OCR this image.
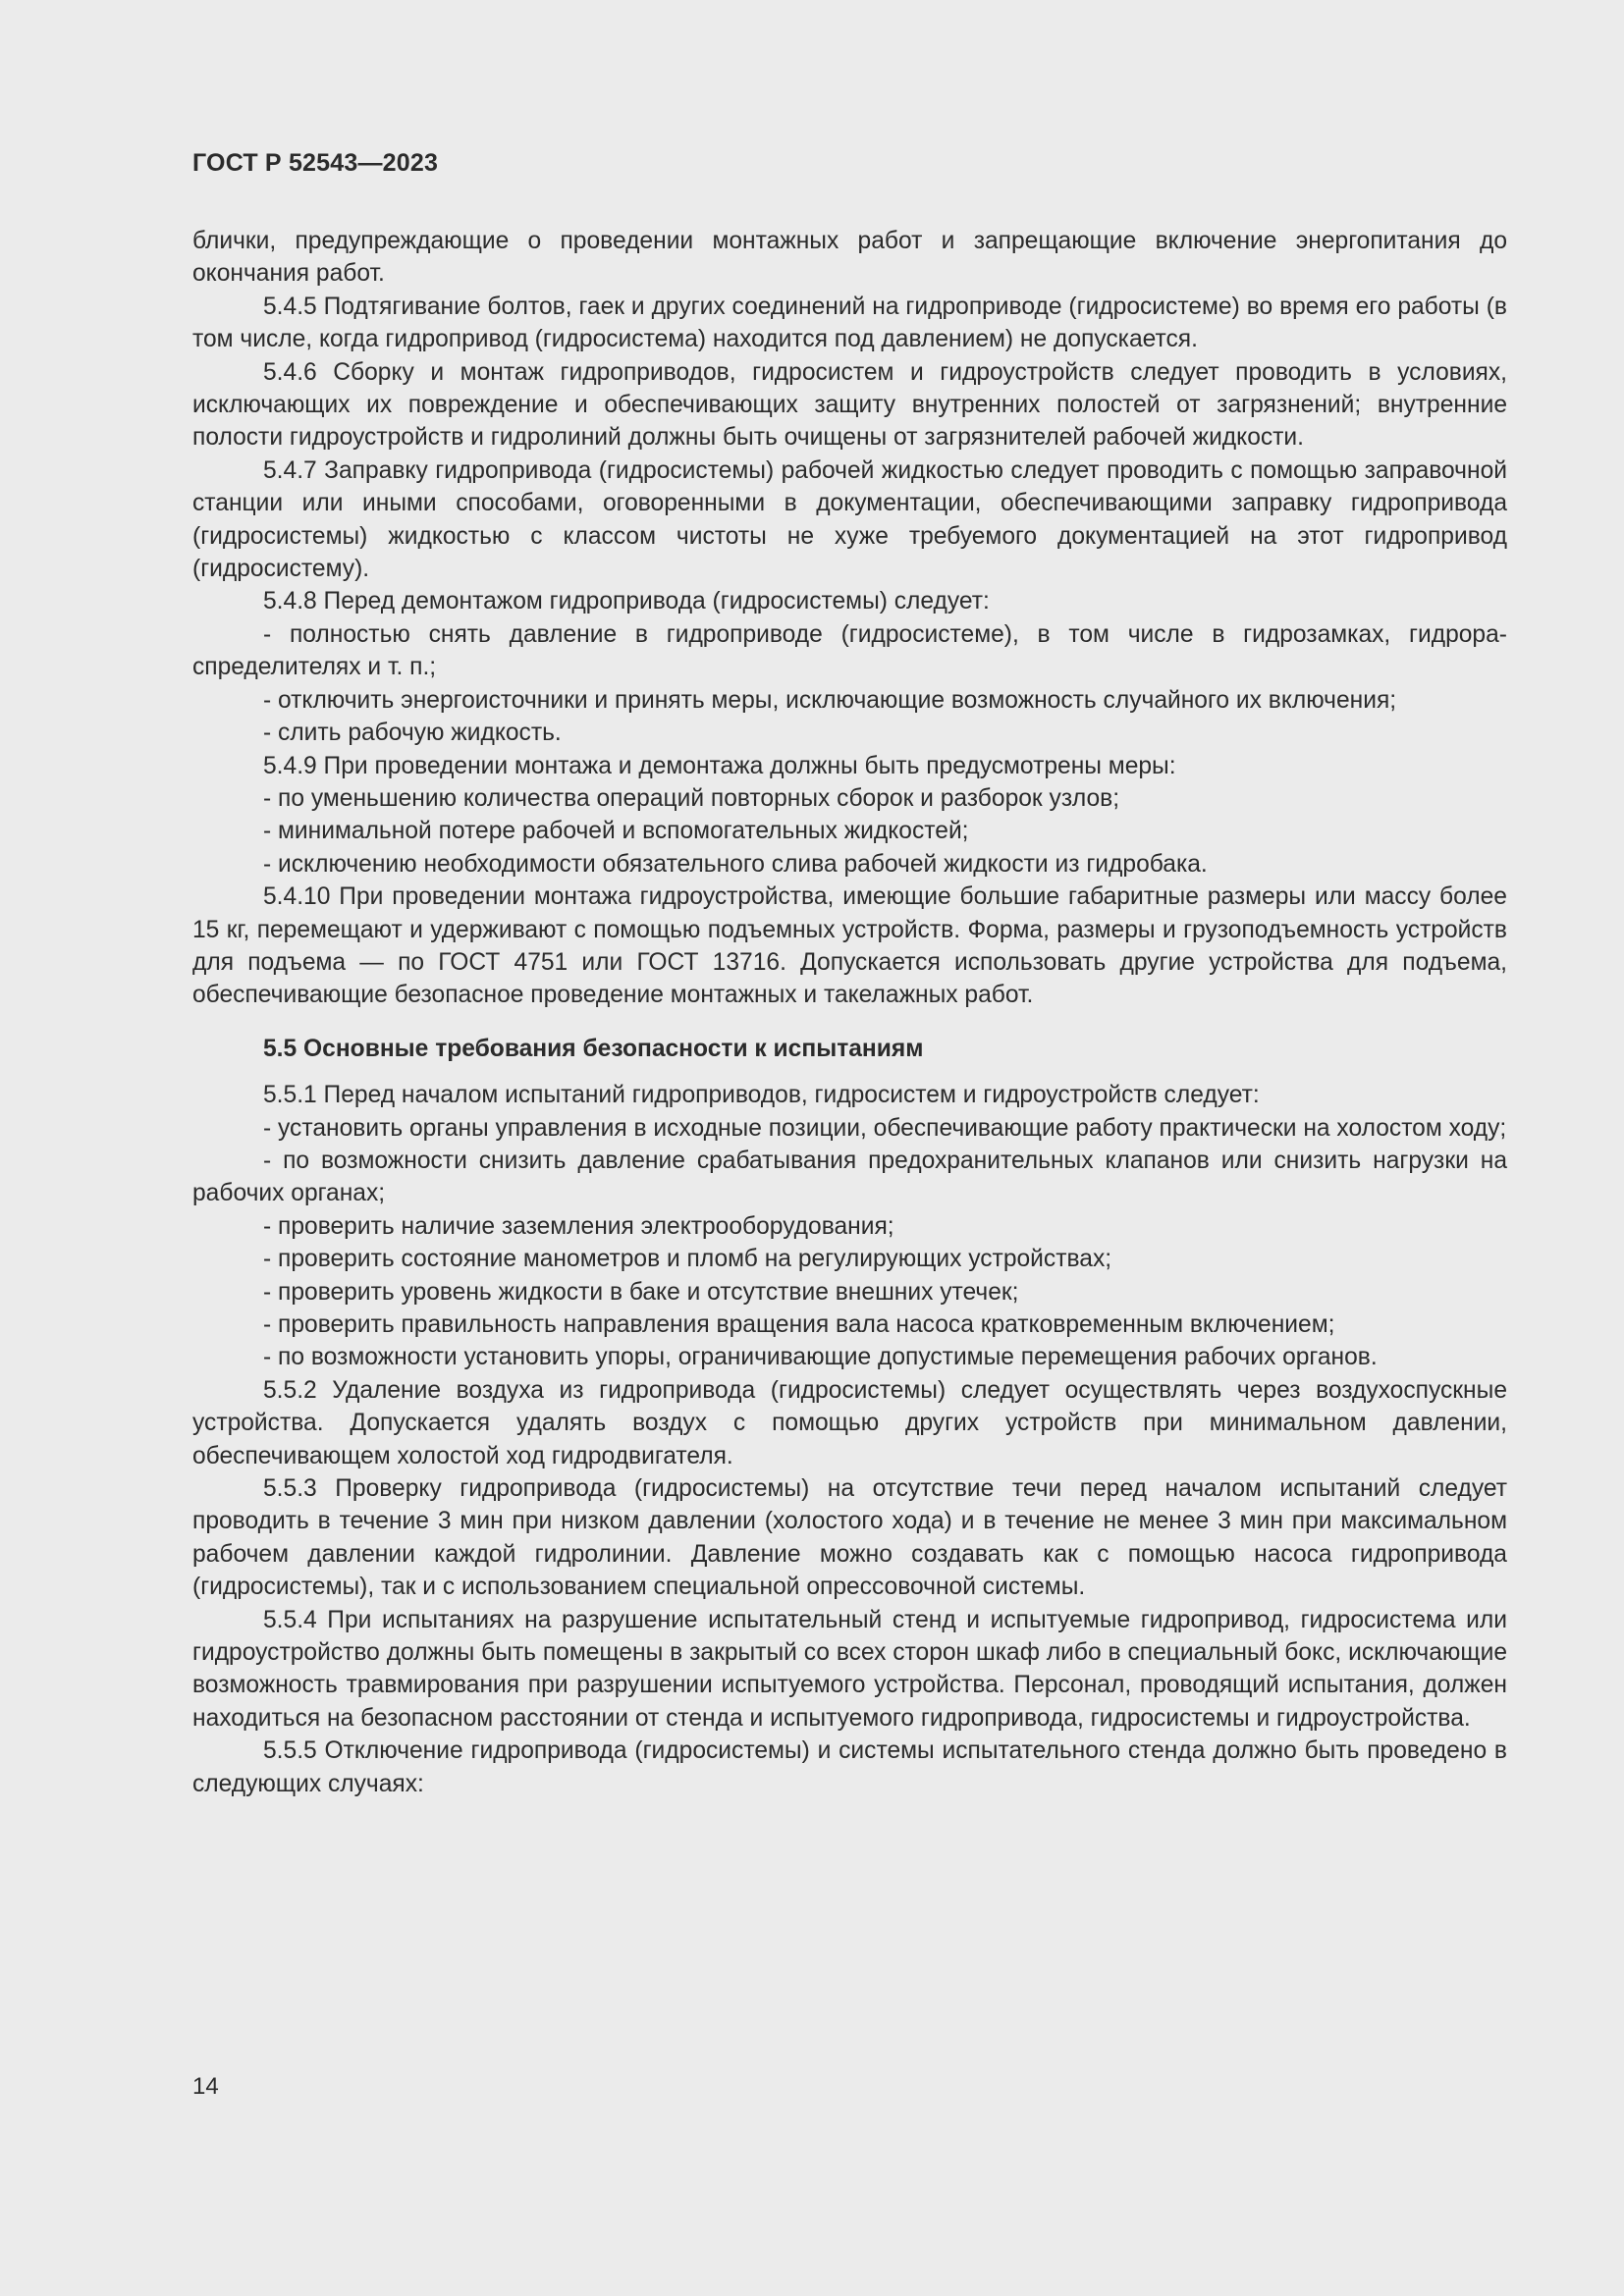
ГОСТ Р 52543—2023

блички, предупреждающие о проведении монтажных работ и запрещающие включение энергопитания до окончания работ.

5.4.5 Подтягивание болтов, гаек и других соединений на гидроприводе (гидросистеме) во время его работы (в том числе, когда гидропривод (гидросистема) находится под давлением) не допускается.

5.4.6 Сборку и монтаж гидроприводов, гидросистем и гидроустройств следует проводить в условиях, исключающих их повреждение и обеспечивающих защиту внутренних полостей от загрязнений; внутренние полости гидроустройств и гидролиний должны быть очищены от загрязнителей рабочей жидкости.

5.4.7 Заправку гидропривода (гидросистемы) рабочей жидкостью следует проводить с помощью заправочной станции или иными способами, оговоренными в документации, обеспечивающими заправку гидропривода (гидросистемы) жидкостью с классом чистоты не хуже требуемого документацией на этот гидропривод (гидросистему).

5.4.8 Перед демонтажом гидропривода (гидросистемы) следует:

- полностью снять давление в гидроприводе (гидросистеме), в том числе в гидрозамках, гидрораспределителях и т. п.;

- отключить энергоисточники и принять меры, исключающие возможность случайного их включения;

- слить рабочую жидкость.

5.4.9 При проведении монтажа и демонтажа должны быть предусмотрены меры:

- по уменьшению количества операций повторных сборок и разборок узлов;

- минимальной потере рабочей и вспомогательных жидкостей;

- исключению необходимости обязательного слива рабочей жидкости из гидробака.

5.4.10 При проведении монтажа гидроустройства, имеющие большие габаритные размеры или массу более 15 кг, перемещают и удерживают с помощью подъемных устройств. Форма, размеры и грузоподъемность устройств для подъема — по ГОСТ 4751 или ГОСТ 13716. Допускается использовать другие устройства для подъема, обеспечивающие безопасное проведение монтажных и такелажных работ.

5.5 Основные требования безопасности к испытаниям

5.5.1 Перед началом испытаний гидроприводов, гидросистем и гидроустройств следует:

- установить органы управления в исходные позиции, обеспечивающие работу практически на холостом ходу;

- по возможности снизить давление срабатывания предохранительных клапанов или снизить нагрузки на рабочих органах;

- проверить наличие заземления электрооборудования;

- проверить состояние манометров и пломб на регулирующих устройствах;

- проверить уровень жидкости в баке и отсутствие внешних утечек;

- проверить правильность направления вращения вала насоса кратковременным включением;

- по возможности установить упоры, ограничивающие допустимые перемещения рабочих органов.

5.5.2 Удаление воздуха из гидропривода (гидросистемы) следует осуществлять через воздухоспускные устройства. Допускается удалять воздух с помощью других устройств при минимальном давлении, обеспечивающем холостой ход гидродвигателя.

5.5.3 Проверку гидропривода (гидросистемы) на отсутствие течи перед началом испытаний следует проводить в течение 3 мин при низком давлении (холостого хода) и в течение не менее 3 мин при максимальном рабочем давлении каждой гидролинии. Давление можно создавать как с помощью насоса гидропривода (гидросистемы), так и с использованием специальной опрессовочной системы.

5.5.4 При испытаниях на разрушение испытательный стенд и испытуемые гидропривод, гидросистема или гидроустройство должны быть помещены в закрытый со всех сторон шкаф либо в специальный бокс, исключающие возможность травмирования при разрушении испытуемого устройства. Персонал, проводящий испытания, должен находиться на безопасном расстоянии от стенда и испытуемого гидропривода, гидросистемы и гидроустройства.

5.5.5 Отключение гидропривода (гидросистемы) и системы испытательного стенда должно быть проведено в следующих случаях:

14
